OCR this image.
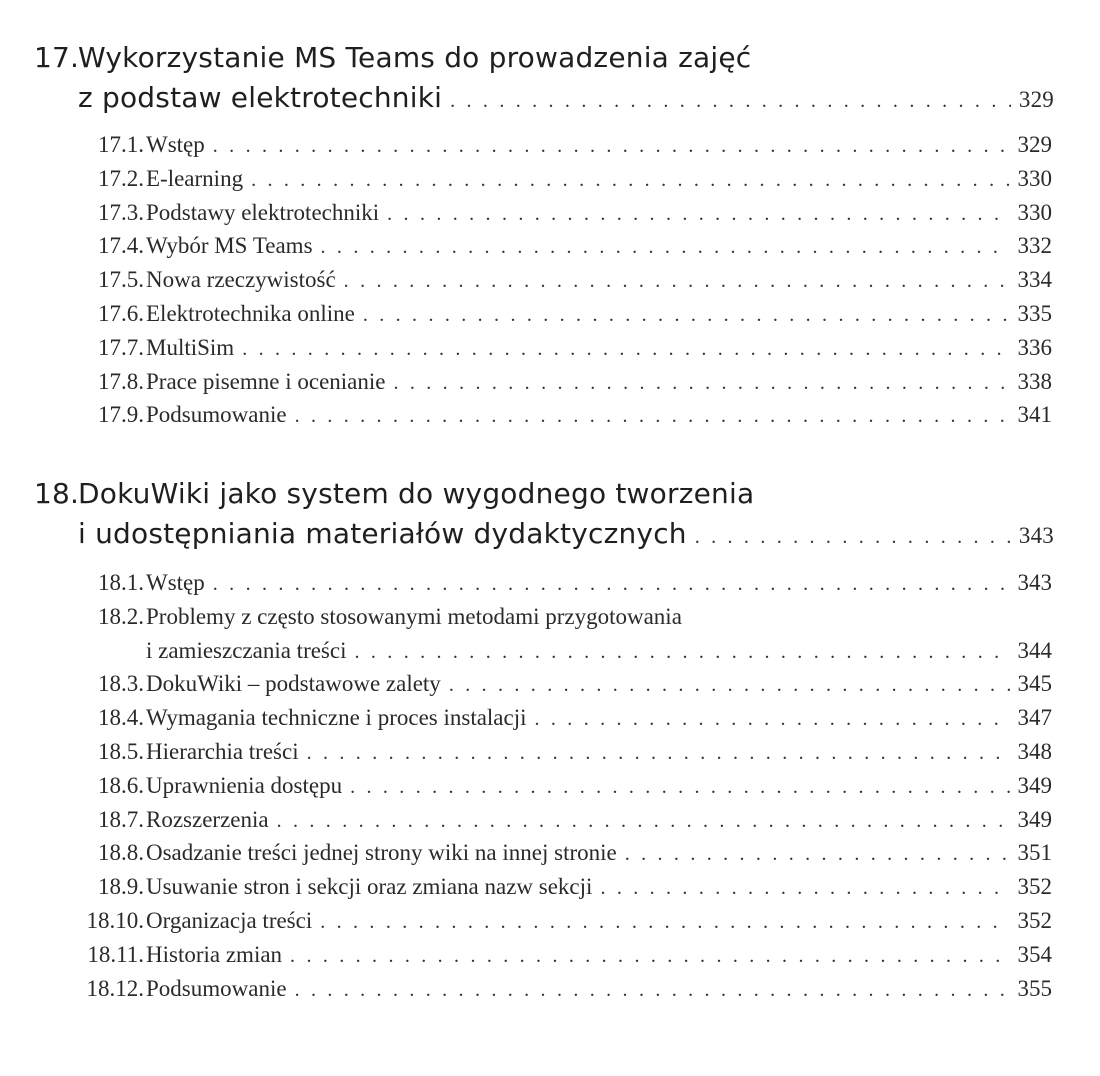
17.
Wykorzystanie MS Teams do prowadzenia zajęć
z podstaw elektrotechniki . . .	329
17.1. Wstęp . . .	329
17.2. E-learning . . .	330
17.3. Podstawy elektrotechniki . . .	330
17.4. Wybór MS Teams . . .	332
17.5. Nowa rzeczywistość . . .	334
17.6. Elektrotechnika online . . .	335
17.7. MultiSim . . .	336
17.8. Prace pisemne i ocenianie . . .	338
17.9. Podsumowanie . . .	341
18.
DokuWiki jako system do wygodnego tworzenia
i udostępniania materiałów dydaktycznych . . .	343
18.1. Wstęp . . .	343
18.2. Problemy z często stosowanymi metodami przygotowania
i zamieszczania treści . . .	344
18.3. DokuWiki – podstawowe zalety . . .	345
18.4. Wymagania techniczne i proces instalacji . . .	347
18.5. Hierarchia treści . . .	348
18.6. Uprawnienia dostępu . . .	349
18.7. Rozszerzenia . . .	349
18.8. Osadzanie treści jednej strony wiki na innej stronie . . .	351
18.9. Usuwanie stron i sekcji oraz zmiana nazw sekcji . . .	352
18.10. Organizacja treści . . .	352
18.11. Historia zmian . . .	354
18.12. Podsumowanie . . .	355
